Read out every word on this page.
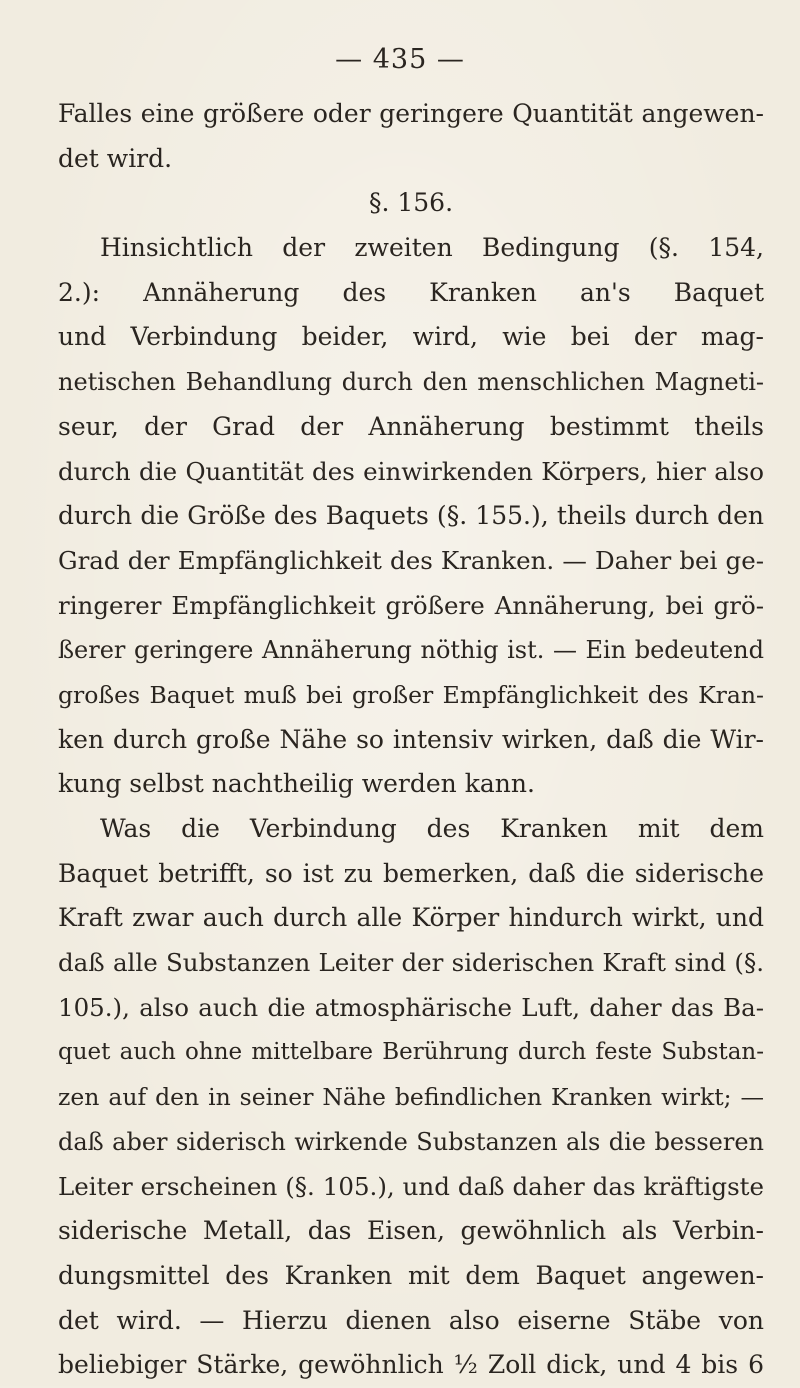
— 435 —
Falles eine größere oder geringere Quantität angewen-
det wird.
§. 156.
Hinsichtlich der zweiten Bedingung (§. 154,
2.): Annäherung des Kranken an's Baquet
und Verbindung beider, wird, wie bei der mag-
netischen Behandlung durch den menschlichen Magneti-
seur, der Grad der Annäherung bestimmt theils
durch die Quantität des einwirkenden Körpers, hier also
durch die Größe des Baquets (§. 155.), theils durch den
Grad der Empfänglichkeit des Kranken. — Daher bei ge-
ringerer Empfänglichkeit größere Annäherung, bei grö-
ßerer geringere Annäherung nöthig ist. — Ein bedeutend
großes Baquet muß bei großer Empfänglichkeit des Kran-
ken durch große Nähe so intensiv wirken, daß die Wir-
kung selbst nachtheilig werden kann.
Was die Verbindung des Kranken mit dem
Baquet betrifft, so ist zu bemerken, daß die siderische
Kraft zwar auch durch alle Körper hindurch wirkt, und
daß alle Substanzen Leiter der siderischen Kraft sind (§.
105.), also auch die atmosphärische Luft, daher das Ba-
quet auch ohne mittelbare Berührung durch feste Substan-
zen auf den in seiner Nähe befindlichen Kranken wirkt; —
daß aber siderisch wirkende Substanzen als die besseren
Leiter erscheinen (§. 105.), und daß daher das kräftigste
siderische Metall, das Eisen, gewöhnlich als Verbin-
dungsmittel des Kranken mit dem Baquet angewen-
det wird. — Hierzu dienen also eiserne Stäbe von
beliebiger Stärke, gewöhnlich ½ Zoll dick, und 4 bis 6
